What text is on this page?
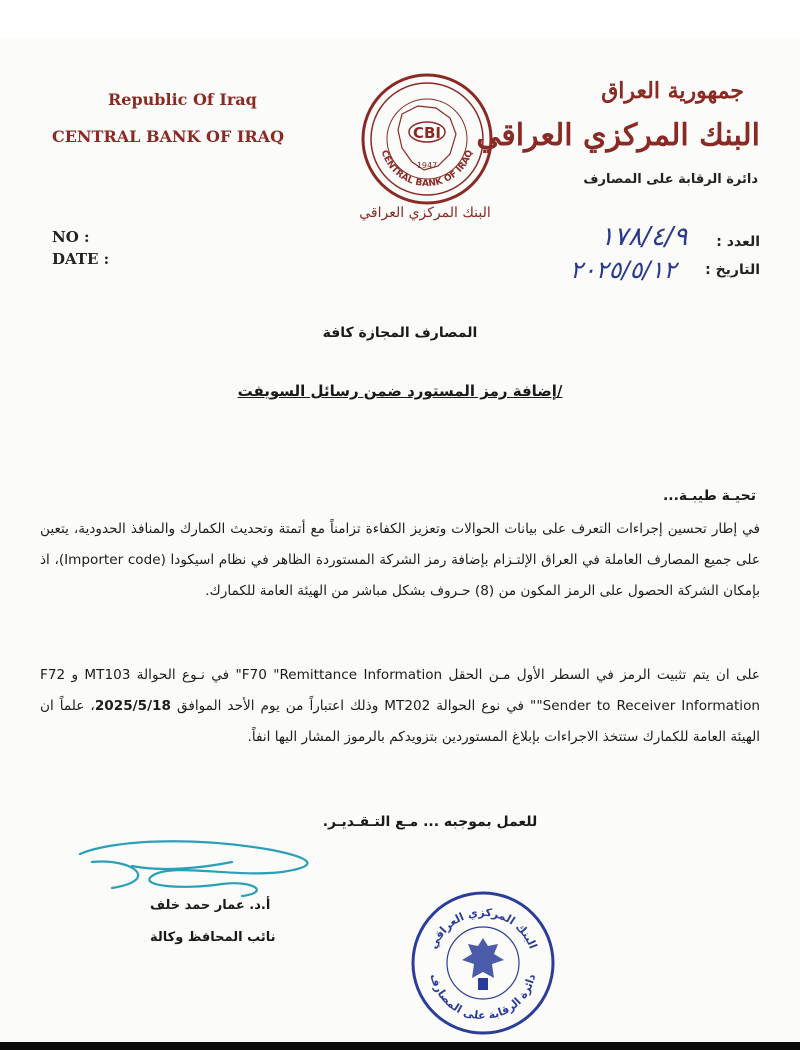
Republic Of Iraq
CENTRAL BANK OF IRAQ
جمهورية العراق
البنك المركزي العراقي
دائرة الرقابة على المصارف
CBI
1947
CENTRAL BANK OF IRAQ
البنك المركزي العراقي
NO :
DATE :
العدد :
التاريخ :
١٧٨/٤/٩
٢٠٢٥/٥/١٢
المصارف المجازة كافة
/إضافة رمز المستورد ضمن رسائل السويفت
تحيـة طيبـة...
في إطار تحسين إجراءات التعرف على بيانات الحوالات وتعزيز الكفاءة تزامناً مع أتمتة وتحديث الكمارك والمنافذ الحدودية، يتعين على جميع المصارف العاملة في العراق الإلتـزام بإضافة رمز الشركة المستوردة الظاهر في نظام اسيكودا (Importer code)، اذ بإمكان الشركة الحصول على الرمز المكون من (8) حـروف بشكل مباشر من الهيئة العامة للكمارك.
على ان يتم تثبيت الرمز في السطر الأول مـن الحقل F70 "Remittance Information" في نـوع الحوالة MT103 و F72 "Sender to Receiver Information" في نوع الحوالة MT202 وذلك اعتباراً من يوم الأحد الموافق 2025/5/18، علماً ان الهيئة العامة للكمارك ستتخذ الاجراءات بإبلاغ المستوردين بتزويدكم بالرموز المشار اليها انفاً.
للعمل بموجبه ... مـع التـقـديـر.
أ.د. عمار حمد خلف
نائب المحافظ وكالة	البنك المركزي العراقي
دائرة الرقابة على المصارف
